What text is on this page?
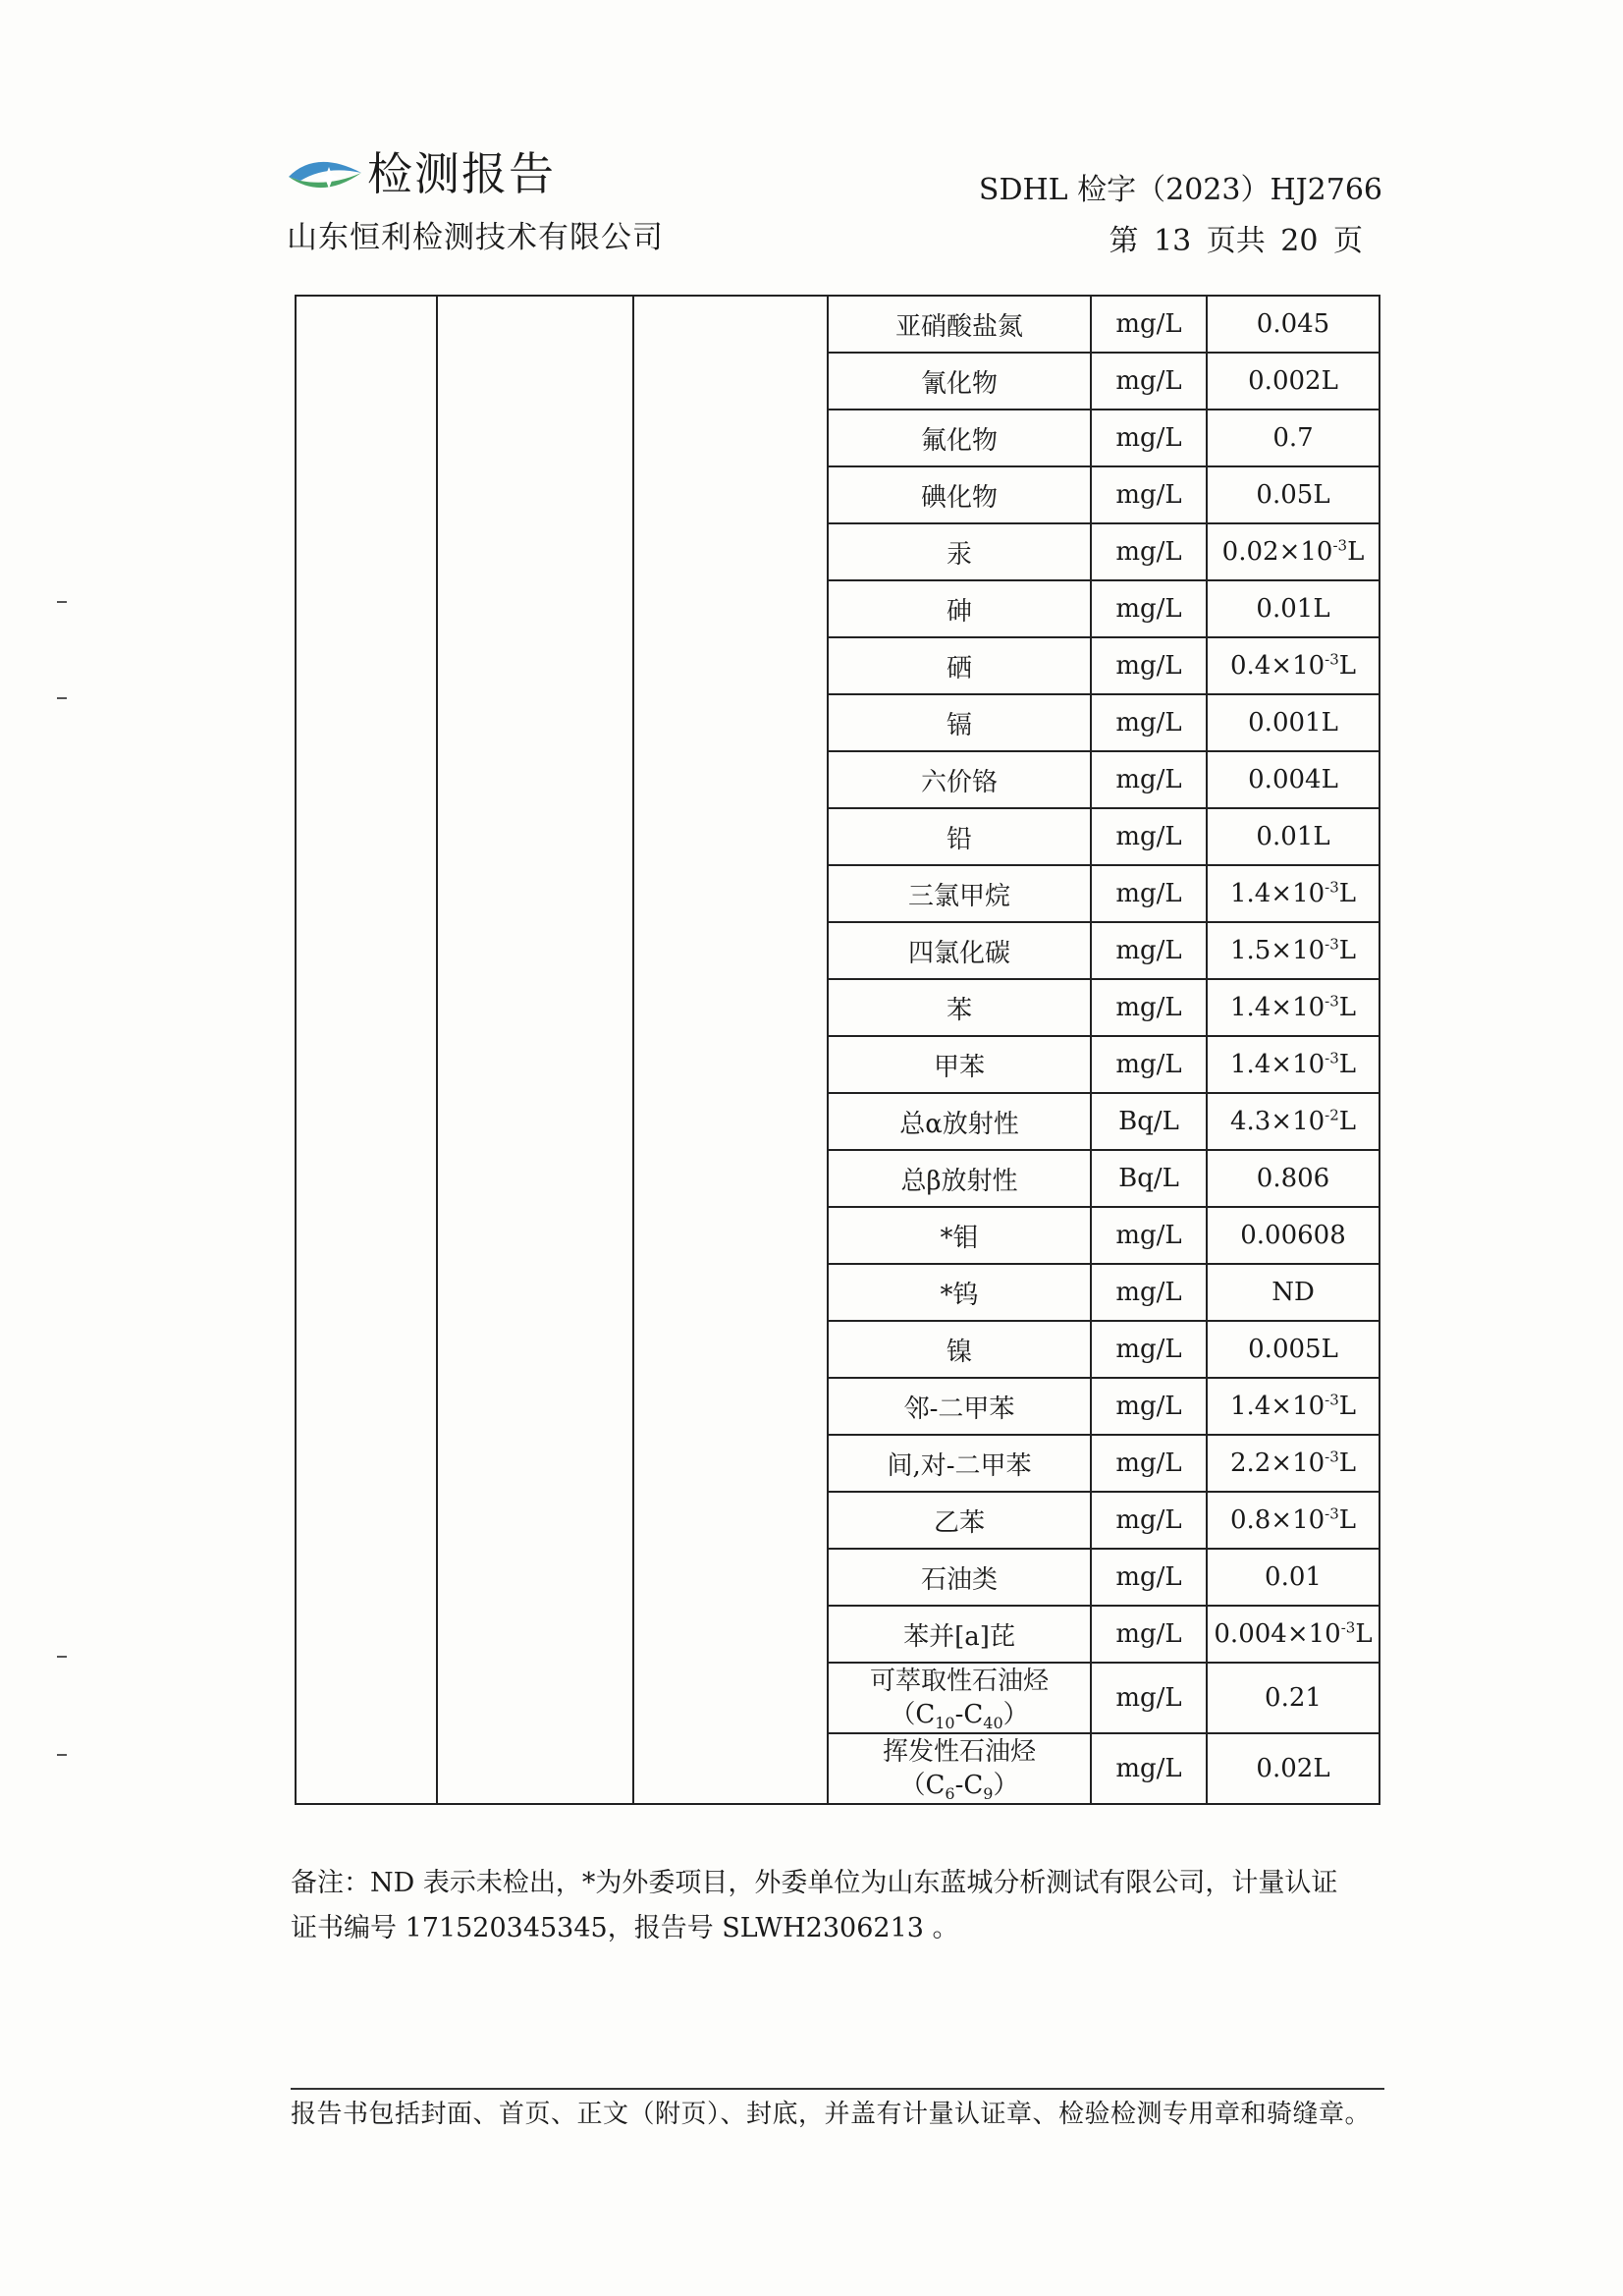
检测报告
山东恒利检测技术有限公司
SDHL 检字（2023）HJ2766
第 13 页共 20 页
			亚硝酸盐氮	mg/L	0.045
			氰化物	mg/L	0.002L
			氟化物	mg/L	0.7
			碘化物	mg/L	0.05L
			汞	mg/L	$0.02\times 10^{-3}L$
			砷	mg/L	0.01L
			硒	mg/L	$0.4\times 10^{-3}L$
			镉	mg/L	0.001L
			六价铬	mg/L	0.004L
			铅	mg/L	0.01L
			三氯甲烷	mg/L	$1.4\times 10^{-3}L$
			四氯化碳	mg/L	$1.5\times 10^{-3}L$
			苯	mg/L	$1.4\times 10^{-3}L$
			甲苯	mg/L	$1.4\times 10^{-3}L$
			总α放射性	Bq/L	$4.3\times 10^{-2}L$
			总β放射性	Bq/L	0.806
			*钼	mg/L	0.00608
			*钨	mg/L	ND
			镍	mg/L	0.005L
			邻-二甲苯	mg/L	$1.4\times 10^{-3}L$
			间,对-二甲苯	mg/L	$2.2\times 10^{-3}L$
			乙苯	mg/L	$0.8\times 10^{-3}L$
			石油类	mg/L	0.01
			苯并[a]芘	mg/L	$0.004\times 10^{-3}L$

			可萃取性石油烃
$(C_{10}-C_{40})$	mg/L	0.21

			挥发性石油烃
$(C_6-C_9)$	mg/L	0.02L
备注：ND 表示未检出，*为外委项目，外委单位为山东蓝城分析测试有限公司，计量认证
证书编号 171520345345，报告号 SLWH2306213 。
报告书包括封面、首页、正文（附页）、封底，并盖有计量认证章、检验检测专用章和骑缝章。
